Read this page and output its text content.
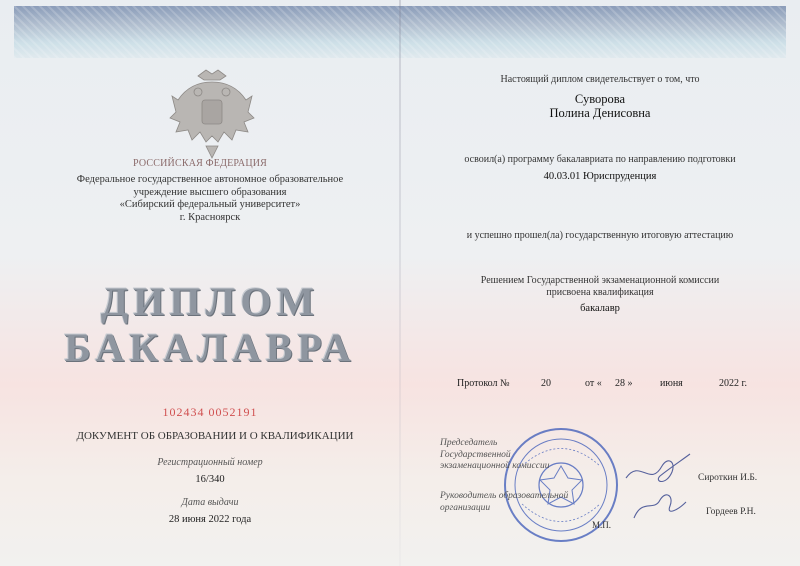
РОССИЙСКАЯ ФЕДЕРАЦИЯ
Федеральное государственное автономное образовательное
учреждение высшего образования
«Сибирский федеральный университет»
г. Красноярск
ДИПЛОМ
БАКАЛАВРА
102434 0052191
ДОКУМЕНТ ОБ ОБРАЗОВАНИИ И О КВАЛИФИКАЦИИ
Регистрационный номер
16/340
Дата выдачи
28 июня 2022 года
Настоящий диплом свидетельствует о том, что
Суворова
Полина Денисовна
освоил(а) программу бакалавриата по направлению подготовки
40.03.01 Юриспруденция
и успешно прошел(ла) государственную итоговую аттестацию
Решением Государственной экзаменационной комиссии
присвоена квалификация
бакалавр
Протокол №	20	от « 28 »	июня	2022 г.
Председатель
Государственной
экзаменационной комиссии
Сироткин И.Б.
Руководитель образовательной
организации	Гордеев Р.Н.
М.П.
